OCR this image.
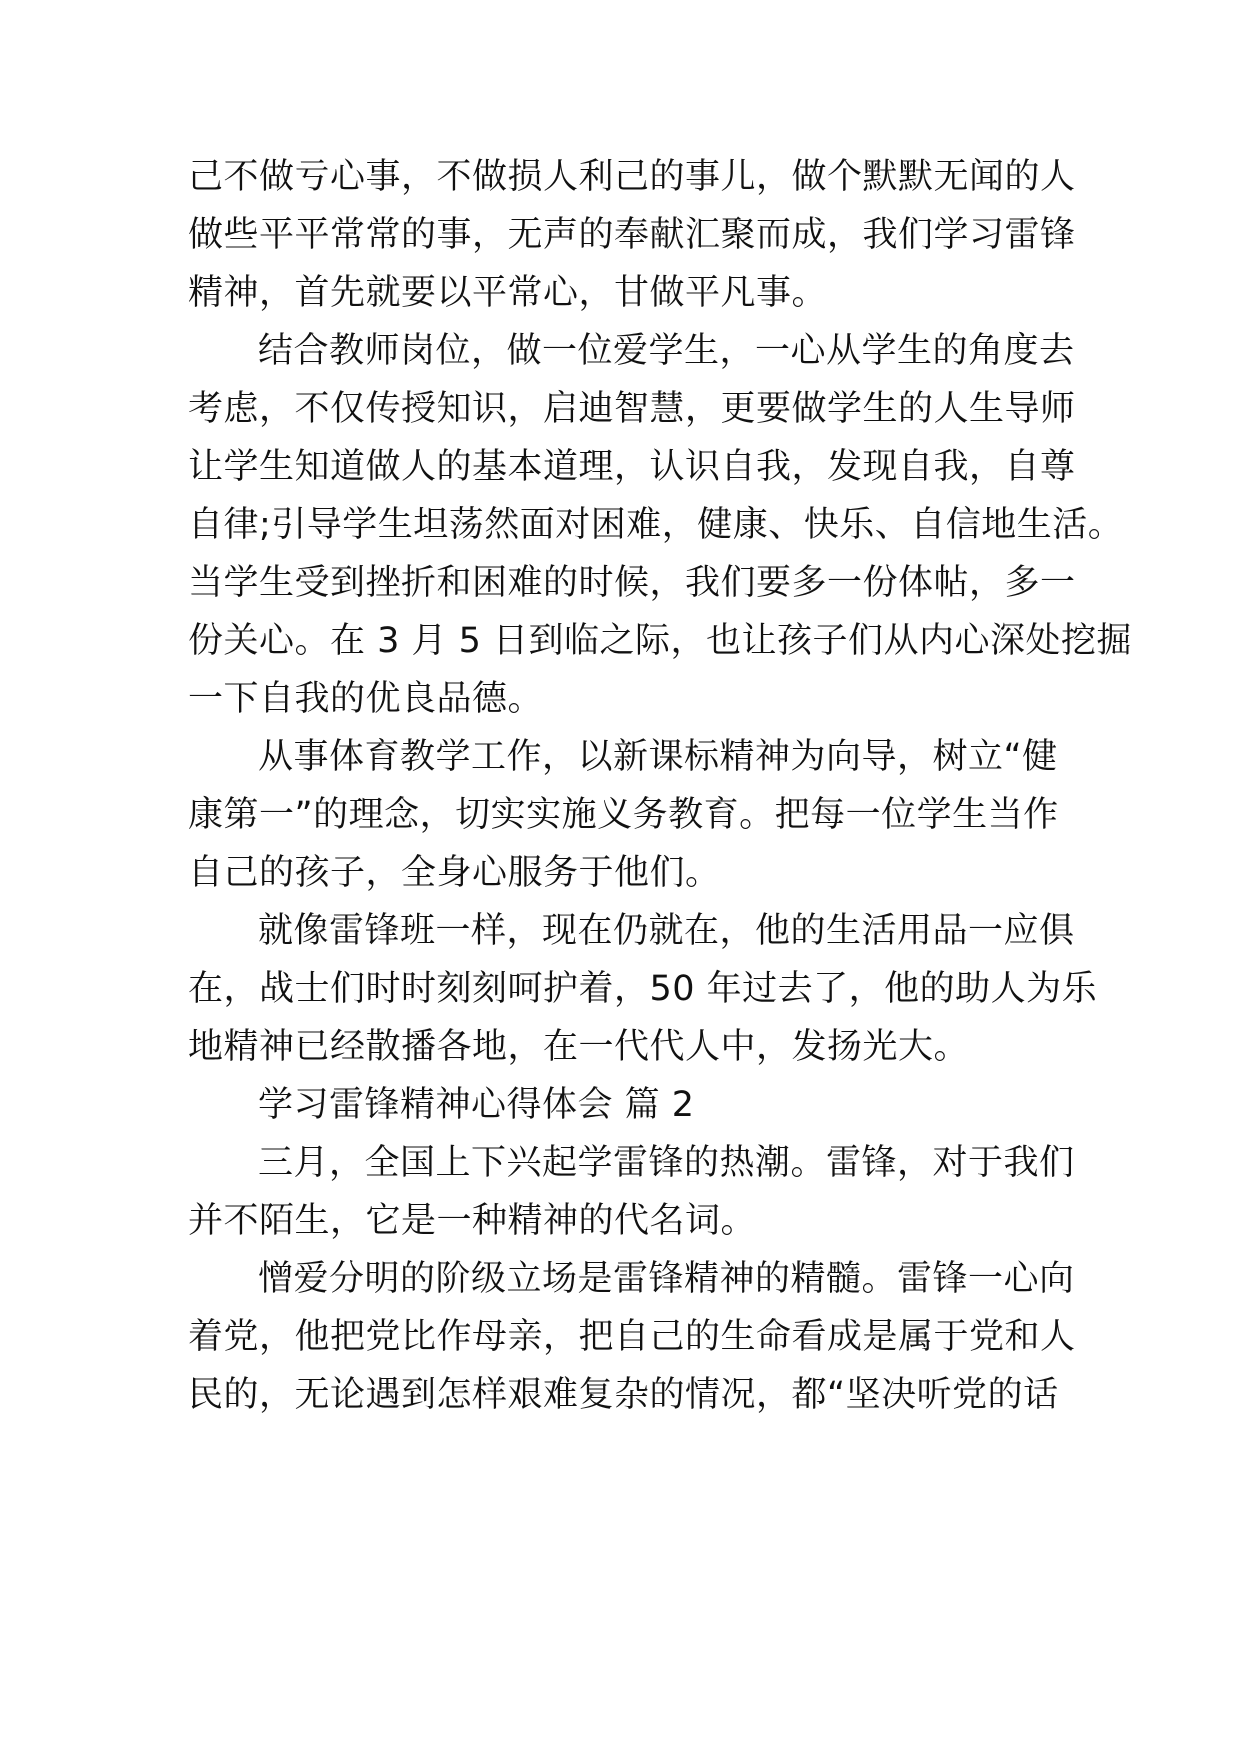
己不做亏心事，不做损人利己的事儿，做个默默无闻的人
做些平平常常的事，无声的奉献汇聚而成，我们学习雷锋
精神，首先就要以平常心，甘做平凡事。
结合教师岗位，做一位爱学生，一心从学生的角度去
考虑，不仅传授知识，启迪智慧，更要做学生的人生导师
让学生知道做人的基本道理，认识自我，发现自我，自尊
自律;引导学生坦荡然面对困难，健康、快乐、自信地生活。
当学生受到挫折和困难的时候，我们要多一份体帖，多一
份关心。在 3 月 5 日到临之际，也让孩子们从内心深处挖掘
一下自我的优良品德。
从事体育教学工作，以新课标精神为向导，树立“健
康第一”的理念，切实实施义务教育。把每一位学生当作
自己的孩子，全身心服务于他们。
就像雷锋班一样，现在仍就在，他的生活用品一应俱
在，战士们时时刻刻呵护着，50 年过去了，他的助人为乐
地精神已经散播各地，在一代代人中，发扬光大。
学习雷锋精神心得体会 篇 2
三月，全国上下兴起学雷锋的热潮。雷锋，对于我们
并不陌生，它是一种精神的代名词。
憎爱分明的阶级立场是雷锋精神的精髓。雷锋一心向
着党，他把党比作母亲，把自己的生命看成是属于党和人
民的，无论遇到怎样艰难复杂的情况，都“坚决听党的话
